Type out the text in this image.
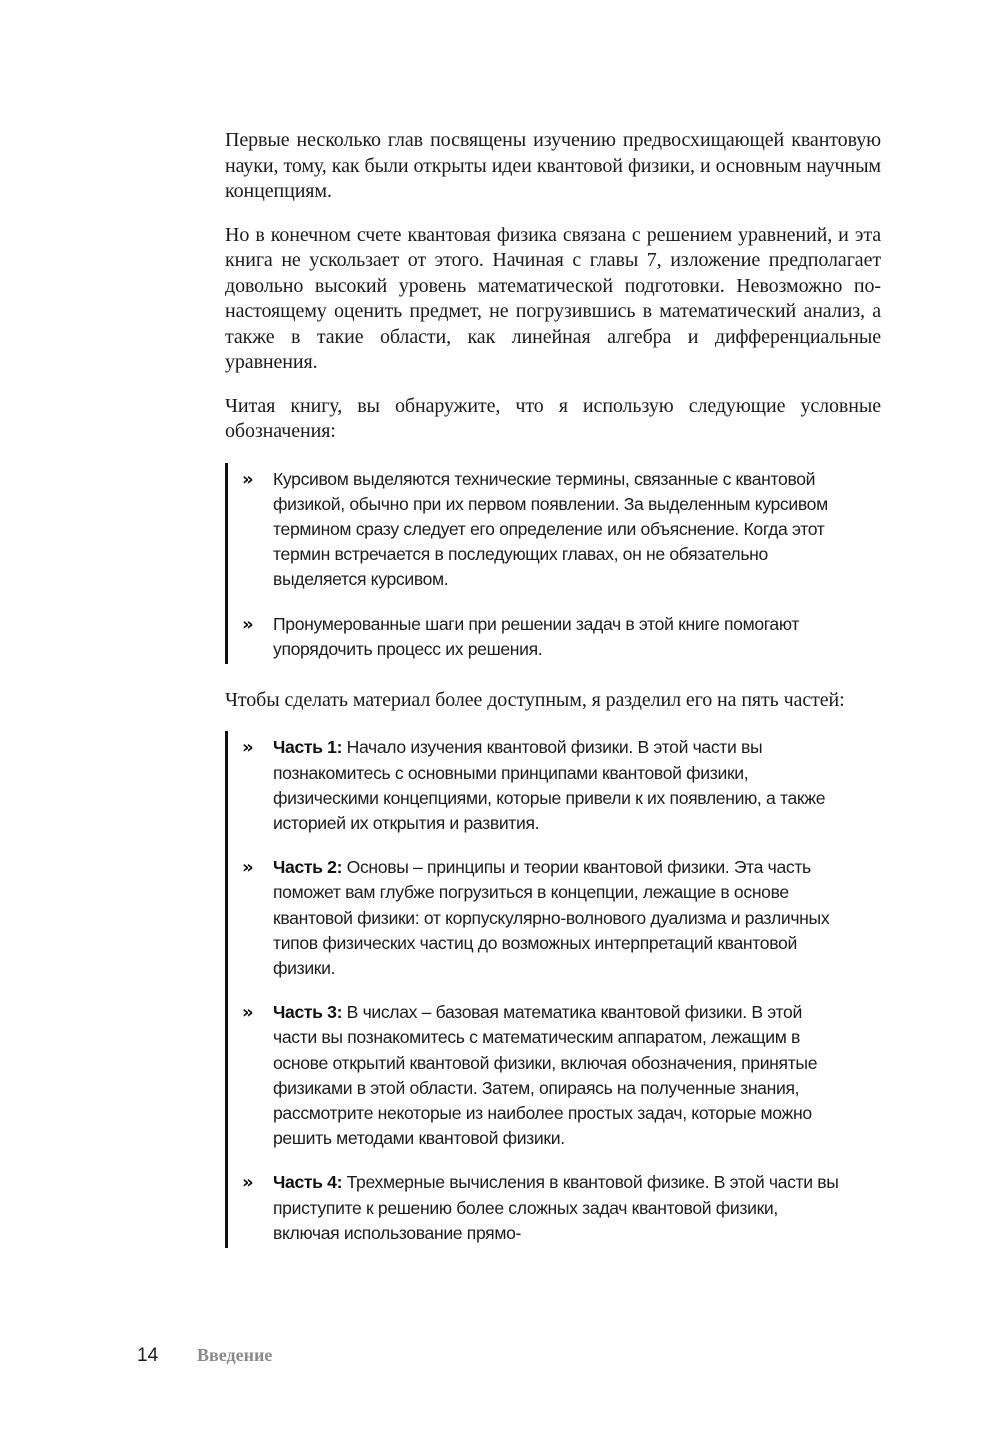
Первые несколько глав посвящены изучению предвосхищающей квантовую науки, тому, как были открыты идеи квантовой физики, и основным научным концепциям.

Но в конечном счете квантовая физика связана с решением уравнений, и эта книга не ускользает от этого. Начиная с главы 7, изложение предполагает довольно высокий уровень математической подготовки. Невозможно по-настоящему оценить предмет, не погрузившись в математический анализ, а также в такие области, как линейная алгебра и дифференциальные уравнения.

Читая книгу, вы обнаружите, что я использую следующие условные обозначения:

»	Курсивом выделяются технические термины, связанные с квантовой физикой, обычно при их первом появлении. За выделенным курсивом термином сразу следует его определение или объяснение. Когда этот термин встречается в последующих главах, он не обязательно выделяется курсивом.
»	Пронумерованные шаги при решении задач в этой книге помогают упорядочить процесс их решения.

Чтобы сделать материал более доступным, я разделил его на пять частей:

»	Часть 1: Начало изучения квантовой физики. В этой части вы познакомитесь с основными принципами квантовой физики, физическими концепциями, которые привели к их появлению, а также историей их открытия и развития.
»	Часть 2: Основы – принципы и теории квантовой физики. Эта часть поможет вам глубже погрузиться в концепции, лежащие в основе квантовой физики: от корпускулярно-волнового дуализма и различных типов физических частиц до возможных интерпретаций квантовой физики.
»	Часть 3: В числах – базовая математика квантовой физики. В этой части вы познакомитесь с математическим аппаратом, лежащим в основе открытий квантовой физики, включая обозначения, принятые физиками в этой области. Затем, опираясь на полученные знания, рассмотрите некоторые из наиболее простых задач, которые можно решить методами квантовой физики.
»	Часть 4: Трехмерные вычисления в квантовой физике. В этой части вы приступите к решению более сложных задач квантовой физики, включая использование прямо-
14	Введение
